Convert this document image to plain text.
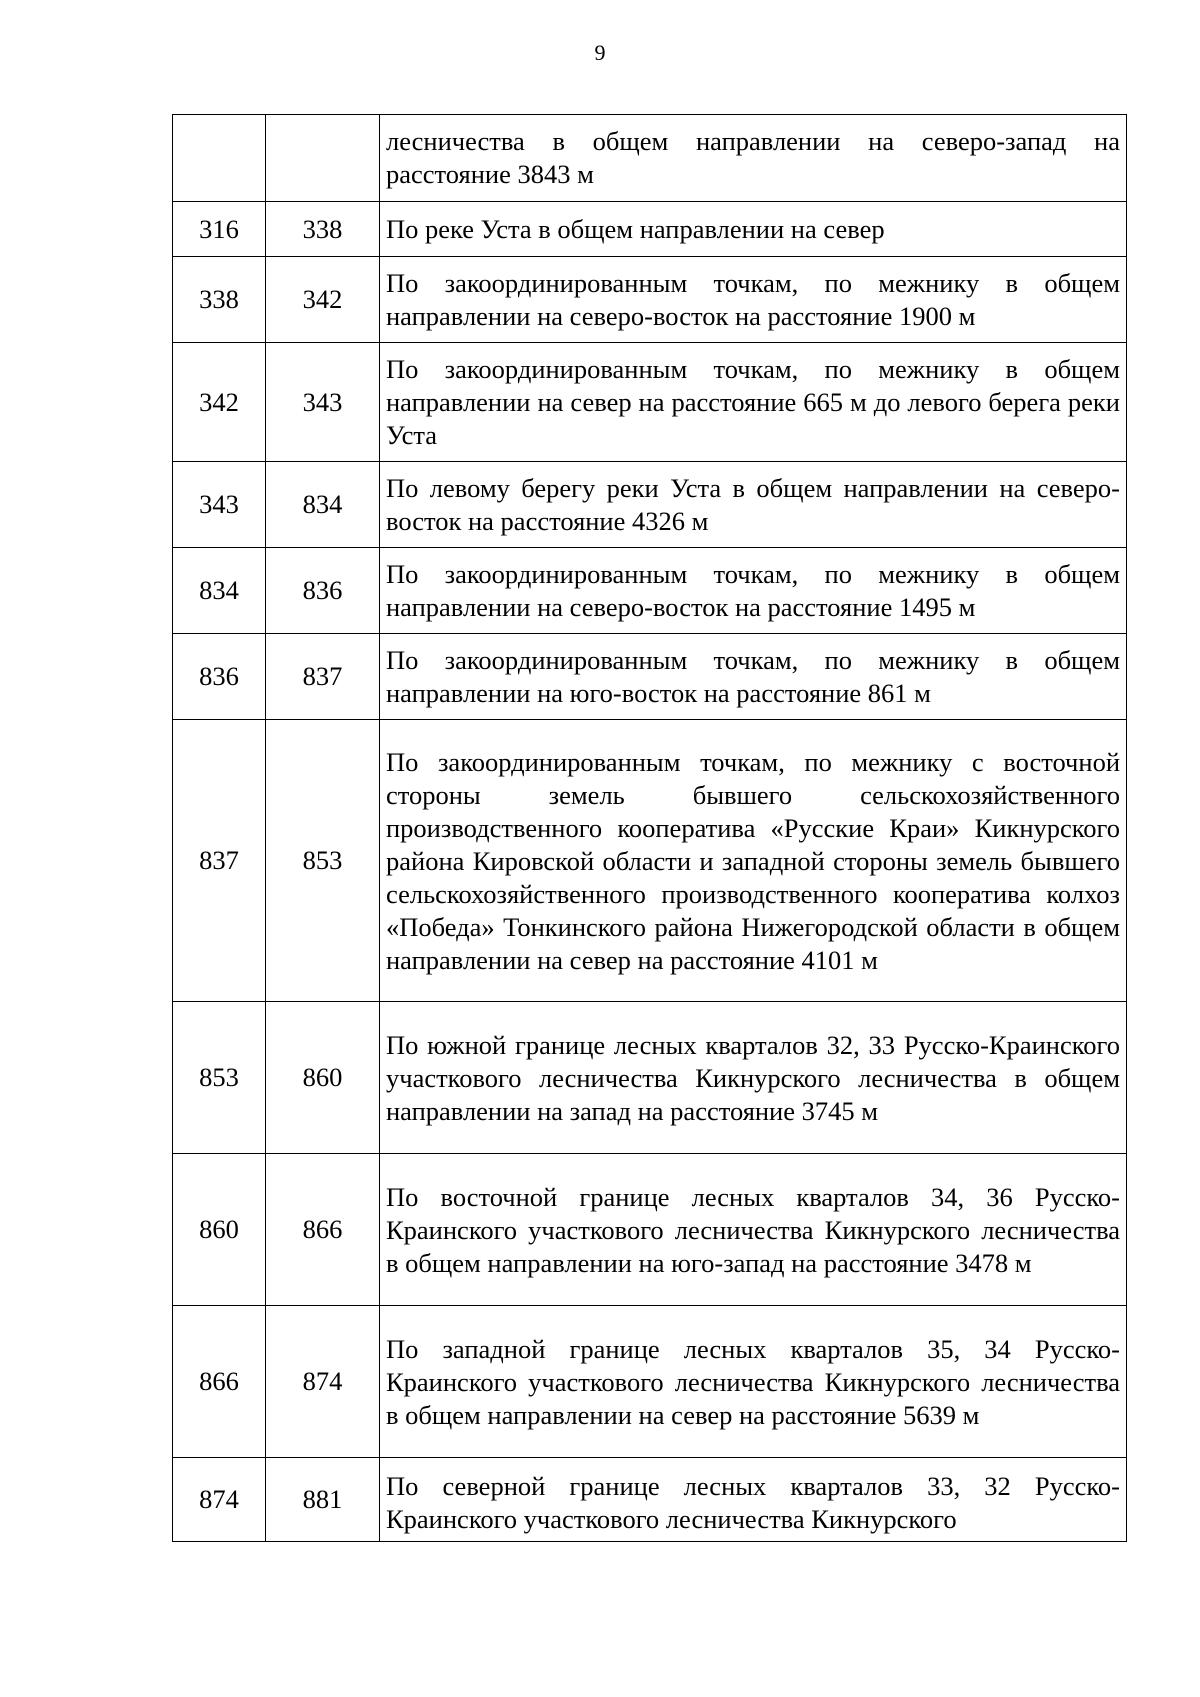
9

		лесничества в общем направлении на северо-запад на расстояние 3843 м

316	338	По реке Уста в общем направлении на север

338	342	По закоординированным точкам, по межнику в общем направлении на северо-восток на расстояние 1900 м

342	343	По закоординированным точкам, по межнику в общем направлении на север на расстояние 665 м до левого берега реки Уста

343	834	По левому берегу реки Уста в общем направлении на северо-восток на расстояние 4326 м

834	836	По закоординированным точкам, по межнику в общем направлении на северо-восток на расстояние 1495 м

836	837	По закоординированным точкам, по межнику в общем направлении на юго-восток на расстояние 861 м

837	853	По закоординированным точкам, по межнику с восточной стороны земель бывшего сельскохозяйственного производственного кооператива «Русские Краи» Кикнурского района Кировской области и западной стороны земель бывшего сельскохозяйственного производственного кооператива колхоз «Победа» Тонкинского района Нижегородской области в общем направлении на север на расстояние 4101 м

853	860	По южной границе лесных кварталов 32, 33 Русско-Краинского участкового лесничества Кикнурского лесничества в общем направлении на запад на расстояние 3745 м

860	866	По восточной границе лесных кварталов 34, 36 Русско-Краинского участкового лесничества Кикнурского лесничества в общем направлении на юго-запад на расстояние 3478 м

866	874	По западной границе лесных кварталов 35, 34 Русско-Краинского участкового лесничества Кикнурского лесничества в общем направлении на север на расстояние 5639 м

874	881	По северной границе лесных кварталов 33, 32 Русско-Краинского участкового лесничества Кикнурского
